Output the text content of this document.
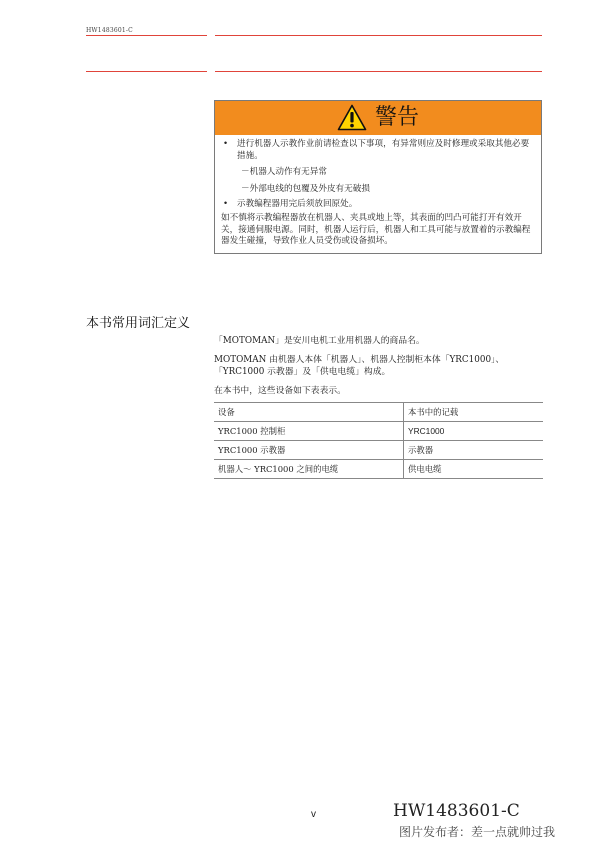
HW1483601-C
警告
• 进行机器人示教作业前请检查以下事项，有异常则应及时修理或采取其他必要措施。
－机器人动作有无异常
－外部电线的包覆及外皮有无破损
• 示教编程器用完后须放回原处。
如不慎将示教编程器放在机器人、夹具或地上等，其表面的凹凸可能打开有效开关，接通伺服电源。同时，机器人运行后，机器人和工具可能与放置着的示教编程器发生碰撞，导致作业人员受伤或设备损坏。
本书常用词汇定义
「MOTOMAN」是安川电机工业用机器人的商品名。
MOTOMAN 由机器人本体「机器人」、机器人控制柜本体「YRC1000」、
「YRC1000 示教器」及「供电电缆」构成。
在本书中，这些设备如下表表示。
设备	本书中的记载
YRC1000 控制柜	YRC1000
YRC1000 示教器	示教器
机器人～ YRC1000 之间的电缆	供电电缆
v	HW1483601-C
图片发布者：差一点就帅过我
